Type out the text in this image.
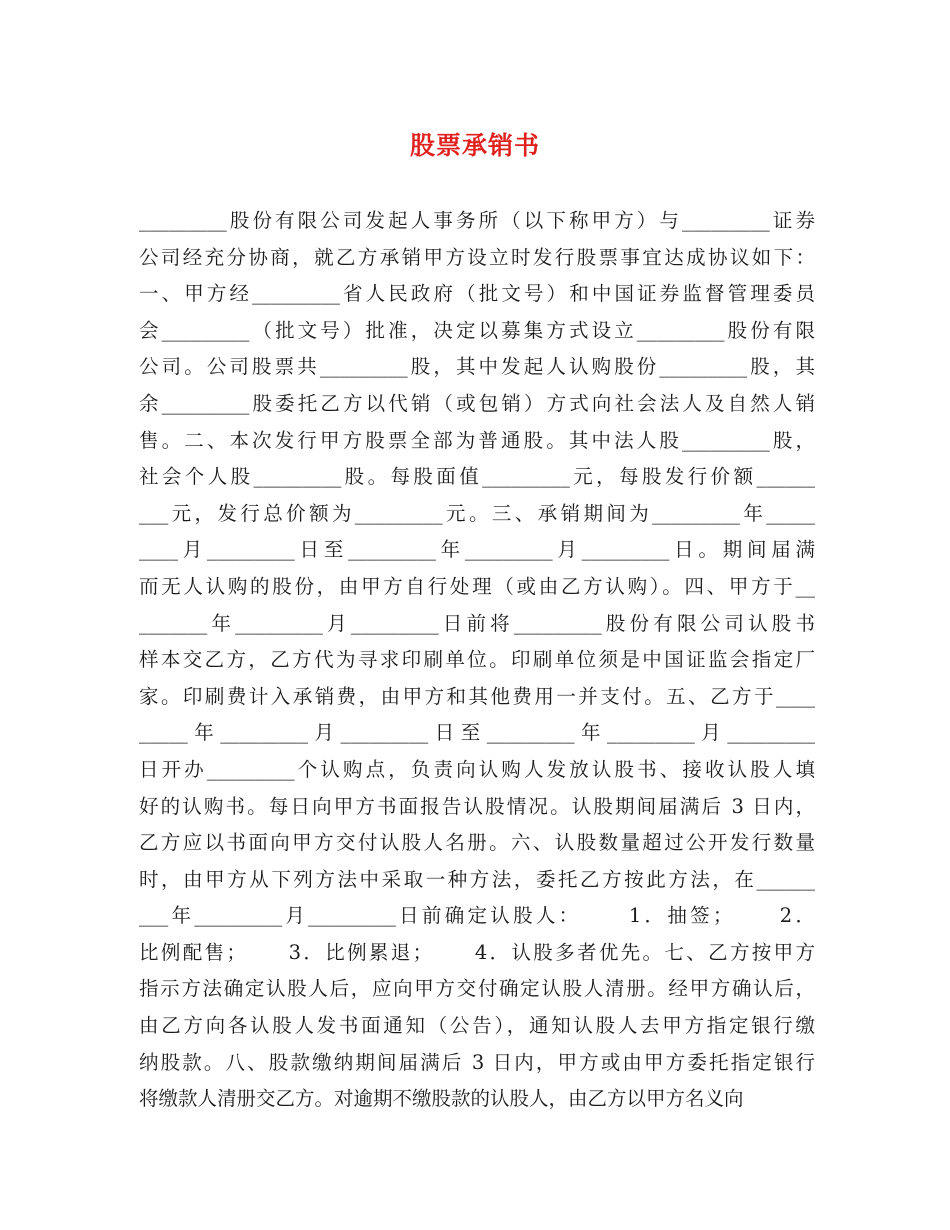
股票承销书
_________股份有限公司发起人事务所（以下称甲方）与_________证券
公司经充分协商，就乙方承销甲方设立时发行股票事宜达成协议如下：
一、甲方经_________省人民政府（批文号）和中国证券监督管理委员
会_________（批文号）批准，决定以募集方式设立_________股份有限
公司。公司股票共_________股，其中发起人认购股份_________股，其
余_________股委托乙方以代销（或包销）方式向社会法人及自然人销
售。二、本次发行甲方股票全部为普通股。其中法人股_________股，
社会个人股_________股。每股面值_________元，每股发行价额______
___元，发行总价额为_________元。三、承销期间为_________年_____
____月_________日至_________年_________月_________日。期间届满
而无人认购的股份，由甲方自行处理（或由乙方认购）。四、甲方于__
_______年_________月_________日前将_________股份有限公司认股书
样本交乙方，乙方代为寻求印刷单位。印刷单位须是中国证监会指定厂
家。印刷费计入承销费，由甲方和其他费用一并支付。五、乙方于____
_____年_________月_________日至_________年_________月_________
日开办_________个认购点，负责向认购人发放认股书、接收认股人填
好的认购书。每日向甲方书面报告认股情况。认股期间届满后 3 日内，
乙方应以书面向甲方交付认股人名册。六、认股数量超过公开发行数量
时，由甲方从下列方法中采取一种方法，委托乙方按此方法，在______
___年_________月_________日前确定认股人：     1．抽签；     2．
比例配售；     3．比例累退；     4．认股多者优先。七、乙方按甲方
指示方法确定认股人后，应向甲方交付确定认股人清册。经甲方确认后，
由乙方向各认股人发书面通知（公告），通知认股人去甲方指定银行缴
纳股款。八、股款缴纳期间届满后 3 日内，甲方或由甲方委托指定银行
将缴款人清册交乙方。对逾期不缴股款的认股人，由乙方以甲方名义向
